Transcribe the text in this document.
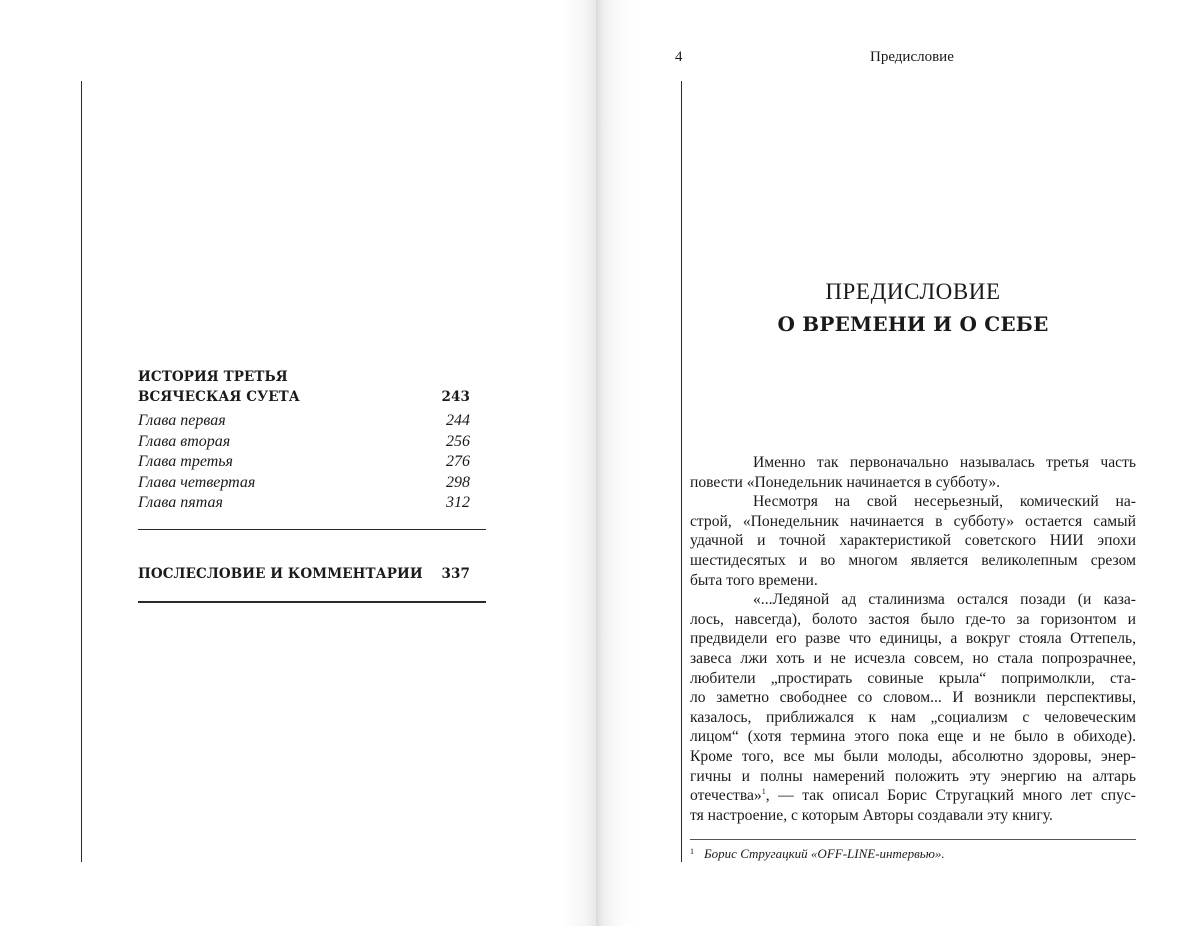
ИСТОРИЯ ТРЕТЬЯ
ВСЯЧЕСКАЯ СУЕТА	243
Глава первая	244
Глава вторая	256
Глава третья	276
Глава четвертая	298
Глава пятая	312
ПОСЛЕСЛОВИЕ И КОММЕНТАРИИ 337
4	Предисловие
ПРЕДИСЛОВИЕ
О ВРЕМЕНИ И О СЕБЕ
Именно так первоначально называлась третья часть
повести «Понедельник начинается в субботу».
Несмотря на свой несерьезный, комический на-
строй, «Понедельник начинается в субботу» остается самый
удачной и точной характеристикой советского НИИ эпохи
шестидесятых и во многом является великолепным срезом
быта того времени.
«...Ледяной ад сталинизма остался позади (и каза-
лось, навсегда), болото застоя было где-то за горизонтом и
предвидели его разве что единицы, а вокруг стояла Оттепель,
завеса лжи хоть и не исчезла совсем, но стала попрозрачнее,
любители „простирать совиные крыла“ попримолкли, ста-
ло заметно свободнее со словом... И возникли перспективы,
казалось, приближался к нам „социализм с человеческим
лицом“ (хотя термина этого пока еще и не было в обиходе).
Кроме того, все мы были молоды, абсолютно здоровы, энер-
гичны и полны намерений положить эту энергию на алтарь
отечества»$^1$, — так описал Борис Стругацкий много лет спус-
тя настроение, с которым Авторы создавали эту книгу.
$^1$ Борис Стругацкий «OFF-LINE-интервью».
